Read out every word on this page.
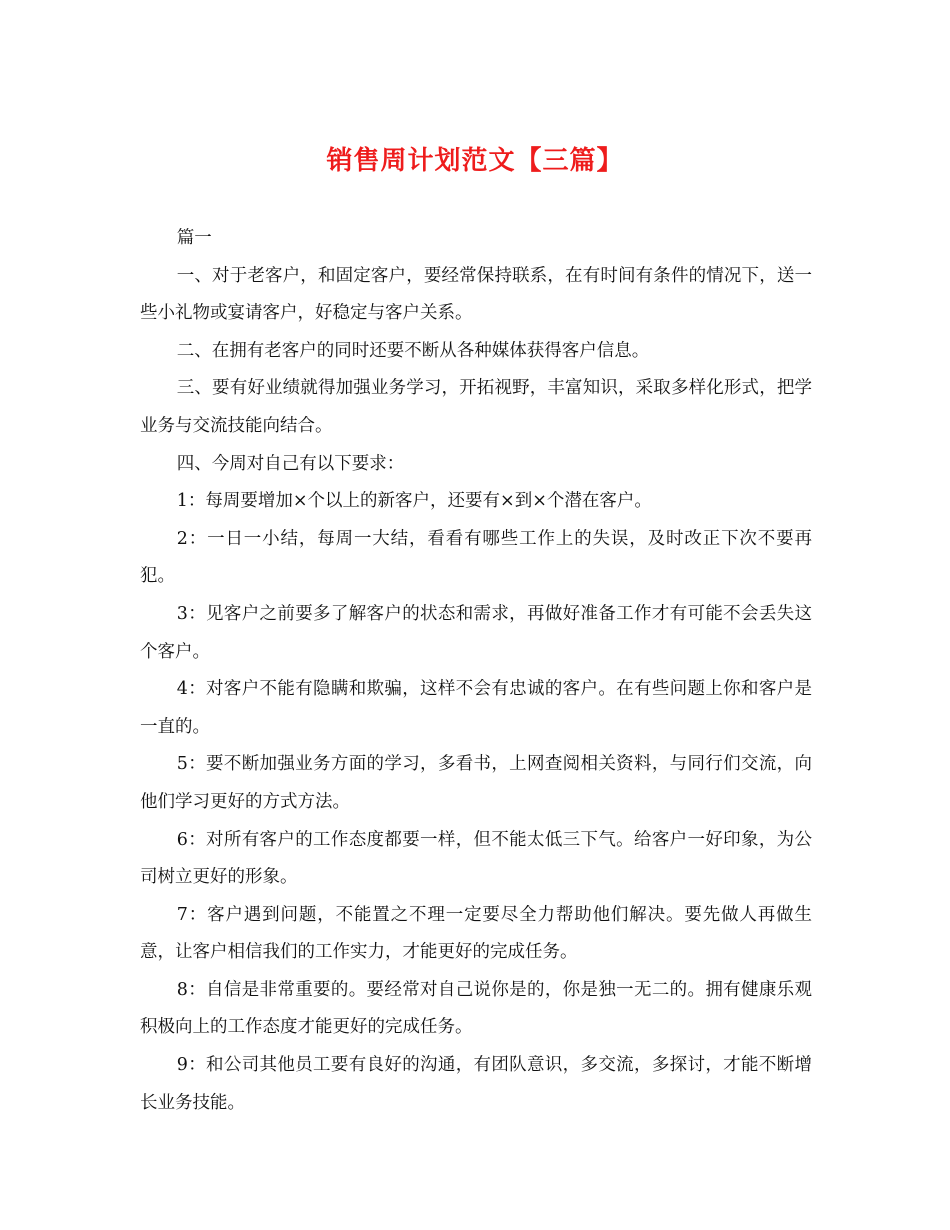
销售周计划范文【三篇】

篇一

一、对于老客户，和固定客户，要经常保持联系，在有时间有条件的情况下，送一些小礼物或宴请客户，好稳定与客户关系。

二、在拥有老客户的同时还要不断从各种媒体获得客户信息。

三、要有好业绩就得加强业务学习，开拓视野，丰富知识，采取多样化形式，把学业务与交流技能向结合。

四、今周对自己有以下要求：

1：每周要增加×个以上的新客户，还要有×到×个潜在客户。

2：一日一小结，每周一大结，看看有哪些工作上的失误，及时改正下次不要再犯。

3：见客户之前要多了解客户的状态和需求，再做好准备工作才有可能不会丢失这个客户。

4：对客户不能有隐瞒和欺骗，这样不会有忠诚的客户。在有些问题上你和客户是一直的。

5：要不断加强业务方面的学习，多看书，上网查阅相关资料，与同行们交流，向他们学习更好的方式方法。

6：对所有客户的工作态度都要一样，但不能太低三下气。给客户一好印象，为公司树立更好的形象。

7：客户遇到问题，不能置之不理一定要尽全力帮助他们解决。要先做人再做生意，让客户相信我们的工作实力，才能更好的完成任务。

8：自信是非常重要的。要经常对自己说你是的，你是独一无二的。拥有健康乐观积极向上的工作态度才能更好的完成任务。

9：和公司其他员工要有良好的沟通，有团队意识，多交流，多探讨，才能不断增长业务技能。
